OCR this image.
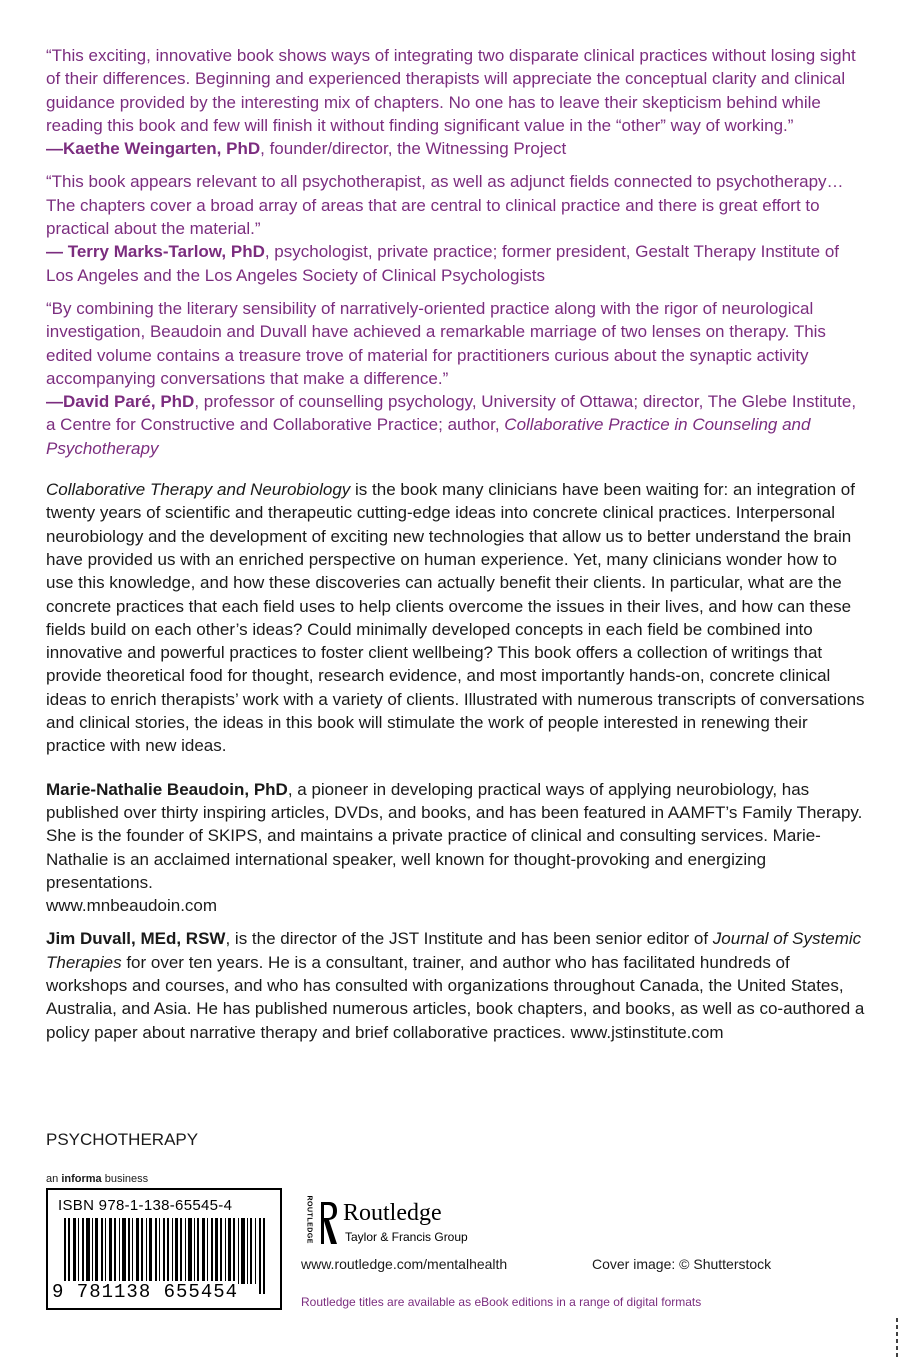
“This exciting, innovative book shows ways of integrating two disparate clinical practices without losing sight of their differences. Beginning and experienced therapists will appreciate the conceptual clarity and clinical guidance provided by the interesting mix of chapters. No one has to leave their skepticism behind while reading this book and few will finish it without finding significant value in the “other” way of working.”
—Kaethe Weingarten, PhD, founder/director, the Witnessing Project

“This book appears relevant to all psychotherapist, as well as adjunct fields connected to psychotherapy…The chapters cover a broad array of areas that are central to clinical practice and there is great effort to practical about the material.”
— Terry Marks-Tarlow, PhD, psychologist, private practice; former president, Gestalt Therapy Institute of Los Angeles and the Los Angeles Society of Clinical Psychologists

“By combining the literary sensibility of narratively-oriented practice along with the rigor of neurological investigation, Beaudoin and Duvall have achieved a remarkable marriage of two lenses on therapy. This edited volume contains a treasure trove of material for practitioners curious about the synaptic activity accompanying conversations that make a difference.”
—David Paré, PhD, professor of counselling psychology, University of Ottawa; director, The Glebe Institute, a Centre for Constructive and Collaborative Practice; author, Collaborative Practice in Counseling and Psychotherapy

Collaborative Therapy and Neurobiology is the book many clinicians have been waiting for: an integration of twenty years of scientific and therapeutic cutting-edge ideas into concrete clinical practices. Interpersonal neurobiology and the development of exciting new technologies that allow us to better understand the brain have provided us with an enriched perspective on human experience. Yet, many clinicians wonder how to use this knowledge, and how these discoveries can actually benefit their clients. In particular, what are the concrete practices that each field uses to help clients overcome the issues in their lives, and how can these fields build on each other’s ideas? Could minimally developed concepts in each field be combined into innovative and powerful practices to foster client wellbeing? This book offers a collection of writings that provide theoretical food for thought, research evidence, and most importantly hands-on, concrete clinical ideas to enrich therapists’ work with a variety of clients. Illustrated with numerous transcripts of conversations and clinical stories, the ideas in this book will stimulate the work of people interested in renewing their practice with new ideas.

Marie-Nathalie Beaudoin, PhD, a pioneer in developing practical ways of applying neurobiology, has published over thirty inspiring articles, DVDs, and books, and has been featured in AAMFT’s Family Therapy. She is the founder of SKIPS, and maintains a private practice of clinical and consulting services. Marie-Nathalie is an acclaimed international speaker, well known for thought-provoking and energizing presentations.
www.mnbeaudoin.com

Jim Duvall, MEd, RSW, is the director of the JST Institute and has been senior editor of Journal of Systemic Therapies for over ten years. He is a consultant, trainer, and author who has facilitated hundreds of workshops and courses, and who has consulted with organizations throughout Canada, the United States, Australia, and Asia. He has published numerous articles, book chapters, and books, as well as co-authored a policy paper about narrative therapy and brief collaborative practices. www.jstinstitute.com

PSYCHOTHERAPY
an informa business
ISBN 978-1-138-65545-4
9 781138 655454
ROUTLEDGE Routledge
Taylor & Francis Group
www.routledge.com/mentalhealth	Cover image: © Shutterstock
Routledge titles are available as eBook editions in a range of digital formats
